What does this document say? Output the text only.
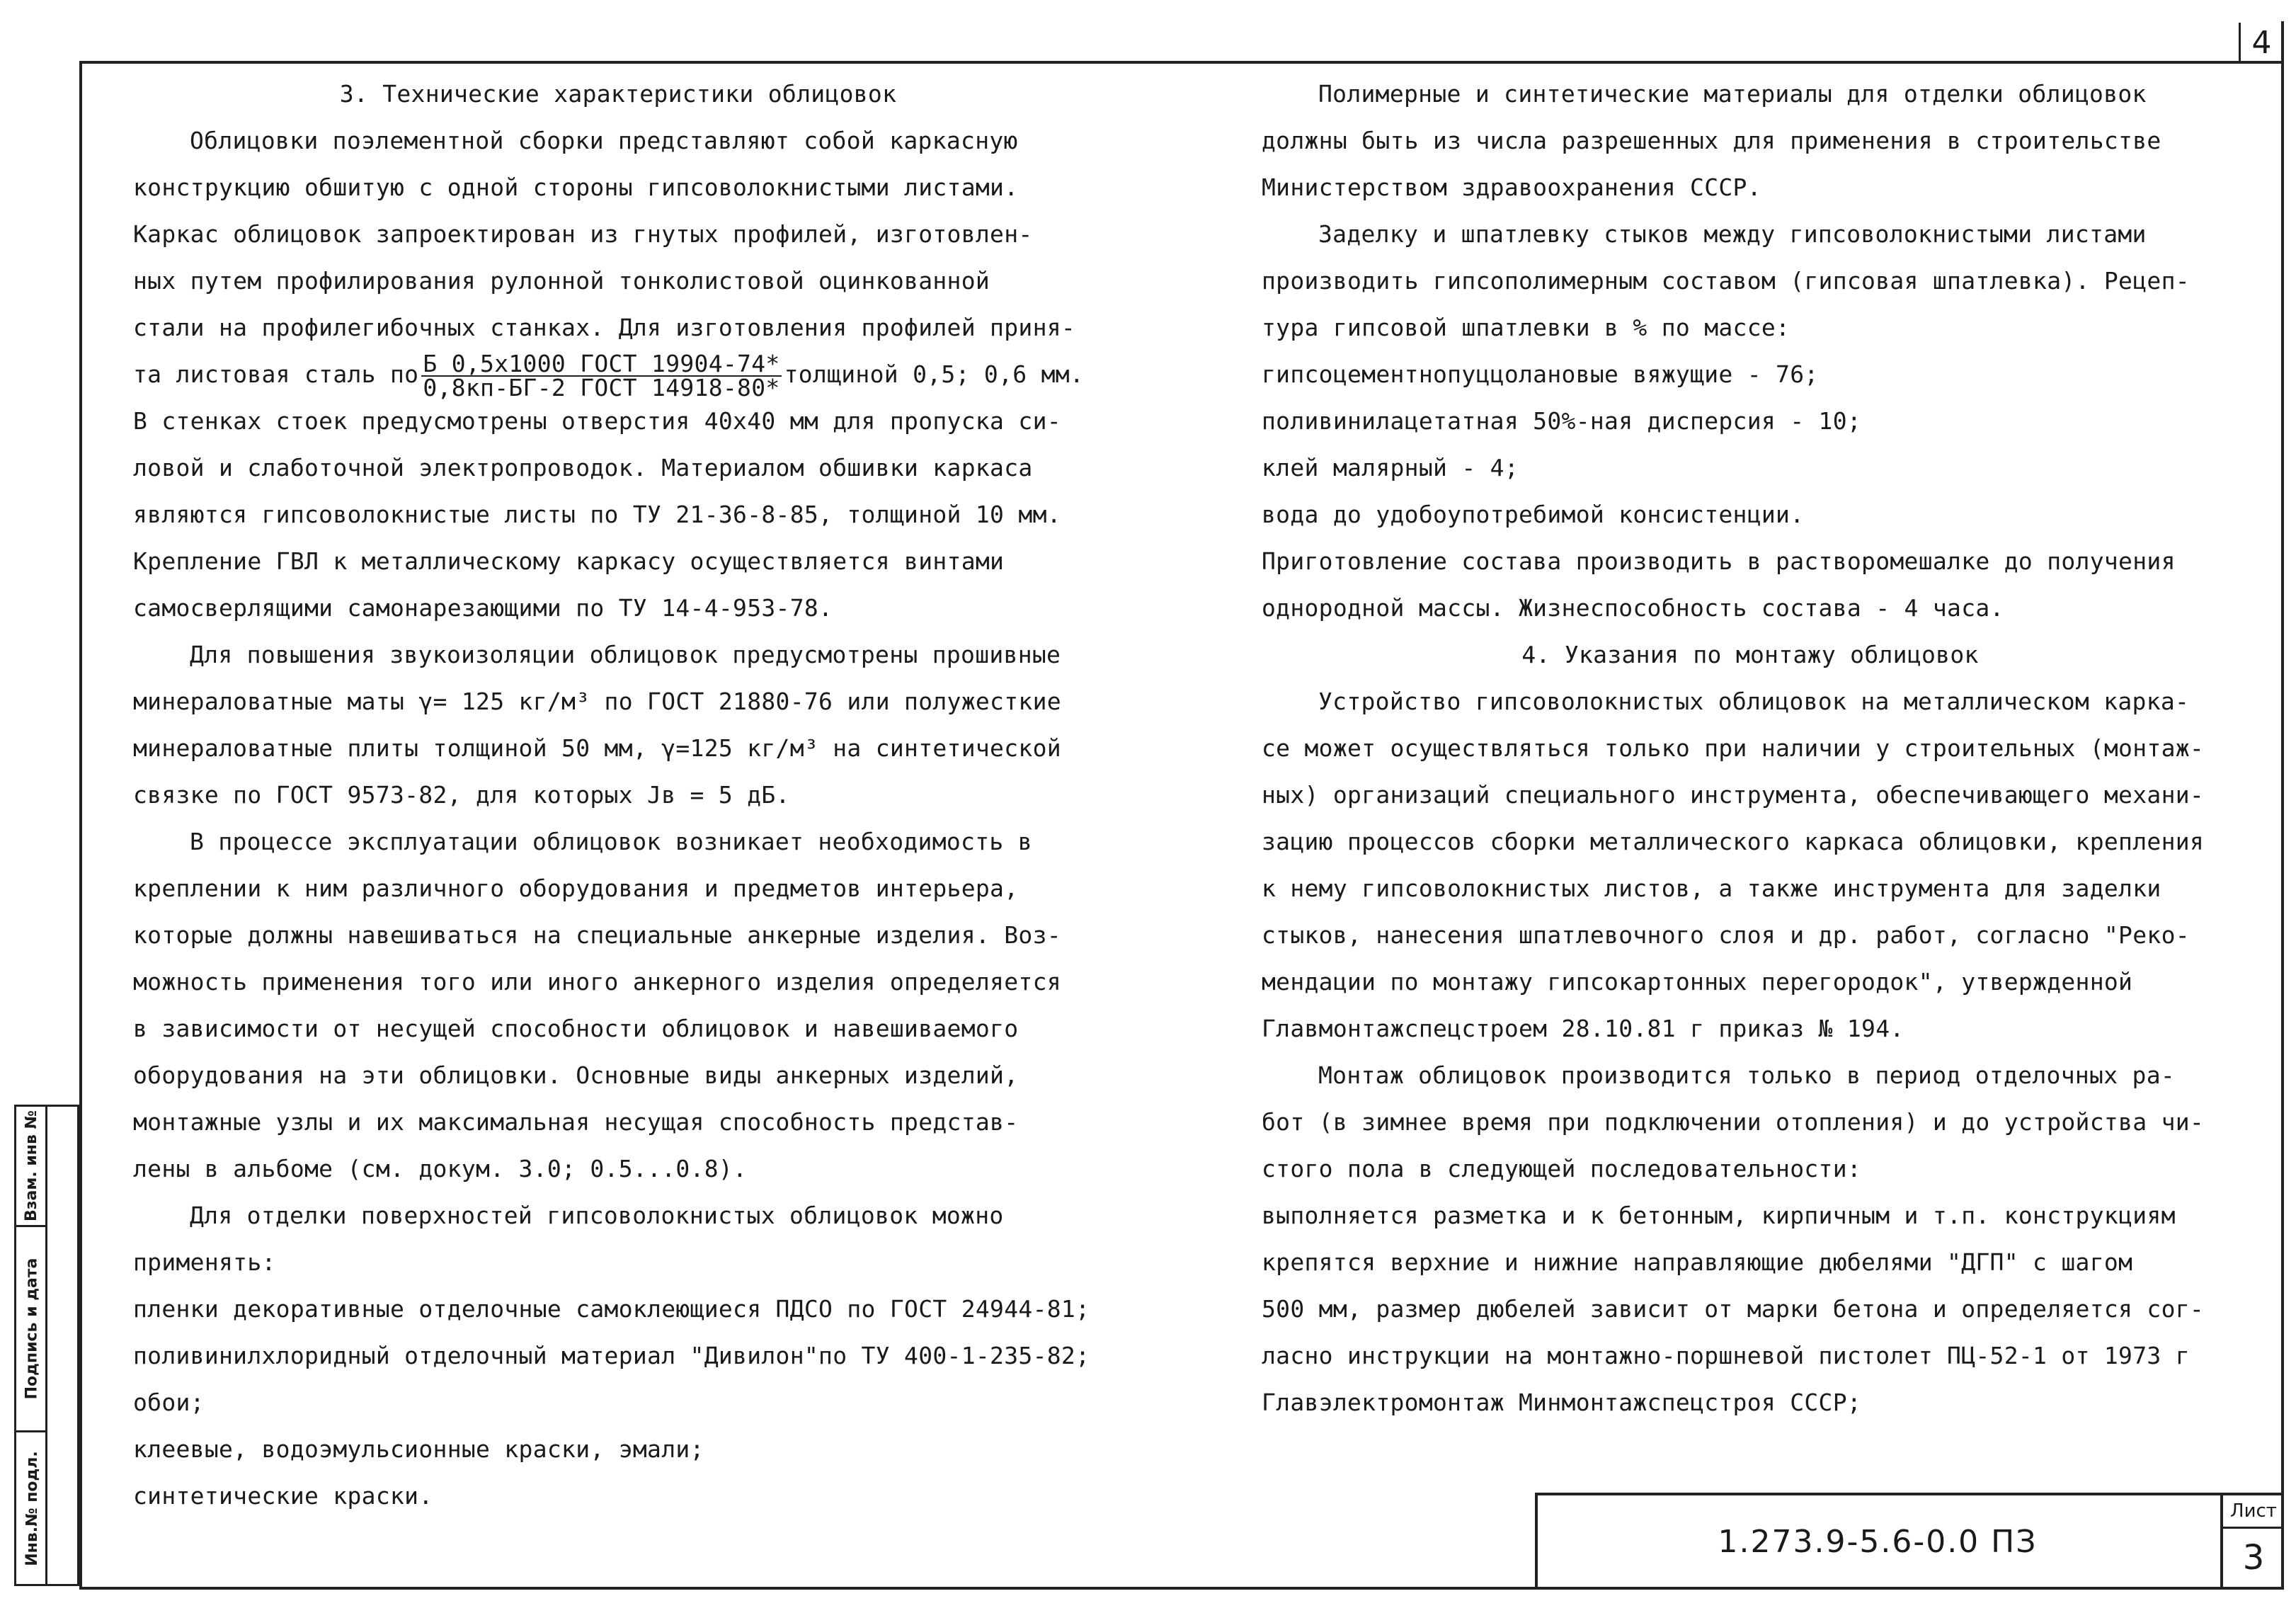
4
3. Технические характеристики облицовок
Облицовки поэлементной сборки представляют собой каркасную
конструкцию обшитую с одной стороны гипсоволокнистыми листами.
Каркас облицовок запроектирован из гнутых профилей, изготовлен-
ных путем профилирования рулонной тонколистовой оцинкованной
стали на профилегибочных станках. Для изготовления профилей приня-
та листовая сталь по $\frac{\text{Б 0,5х1000 ГОСТ 19904-74*}}{\text{0,8кп-БГ-2 ГОСТ 14918-80*}}$ толщиной 0,5; 0,6 мм.
В стенках стоек предусмотрены отверстия 40х40 мм для пропуска си-
ловой и слаботочной электропроводок. Материалом обшивки каркаса
являются гипсоволокнистые листы по ТУ 21-36-8-85, толщиной 10 мм.
Крепление ГВЛ к металлическому каркасу осуществляется винтами
самосверлящими самонарезающими по ТУ 14-4-953-78.
Для повышения звукоизоляции облицовок предусмотрены прошивные
минераловатные маты γ= 125 кг/м³ по ГОСТ 21880-76 или полужесткие
минераловатные плиты толщиной 50 мм, γ=125 кг/м³ на синтетической
связке по ГОСТ 9573-82, для которых Jв = 5 дБ.
В процессе эксплуатации облицовок возникает необходимость в
креплении к ним различного оборудования и предметов интерьера,
которые должны навешиваться на специальные анкерные изделия. Воз-
можность применения того или иного анкерного изделия определяется
в зависимости от несущей способности облицовок и навешиваемого
оборудования на эти облицовки. Основные виды анкерных изделий,
монтажные узлы и их максимальная несущая способность представ-
лены в альбоме (см. докум. 3.0; 0.5...0.8).
Для отделки поверхностей гипсоволокнистых облицовок можно
применять:
пленки декоративные отделочные самоклеющиеся ПДСО по ГОСТ 24944-81;
поливинилхлоридный отделочный материал "Дивилон"по ТУ 400-1-235-82;
обои;
клеевые, водоэмульсионные краски, эмали;
синтетические краски.
Полимерные и синтетические материалы для отделки облицовок
должны быть из числа разрешенных для применения в строительстве
Министерством здравоохранения СССР.
Заделку и шпатлевку стыков между гипсоволокнистыми листами
производить гипсополимерным составом (гипсовая шпатлевка). Рецеп-
тура гипсовой шпатлевки в % по массе:
гипсоцементнопуццолановые вяжущие - 76;
поливинилацетатная 50%-ная дисперсия - 10;
клей малярный - 4;
вода до удобоупотребимой консистенции.
Приготовление состава производить в растворомешалке до получения
однородной массы. Жизнеспособность состава - 4 часа.
4. Указания по монтажу облицовок
Устройство гипсоволокнистых облицовок на металлическом карка-
се может осуществляться только при наличии у строительных (монтаж-
ных) организаций специального инструмента, обеспечивающего механи-
зацию процессов сборки металлического каркаса облицовки, крепления
к нему гипсоволокнистых листов, а также инструмента для заделки
стыков, нанесения шпатлевочного слоя и др. работ, согласно "Реко-
мендации по монтажу гипсокартонных перегородок", утвержденной
Главмонтажспецстроем 28.10.81 г приказ № 194.
Монтаж облицовок производится только в период отделочных ра-
бот (в зимнее время при подключении отопления) и до устройства чи-
стого пола в следующей последовательности:
выполняется разметка и к бетонным, кирпичным и т.п. конструкциям
крепятся верхние и нижние направляющие дюбелями "ДГП" с шагом
500 мм, размер дюбелей зависит от марки бетона и определяется сог-
ласно инструкции на монтажно-поршневой пистолет ПЦ-52-1 от 1973 г
Главэлектромонтаж Минмонтажспецстроя СССР;
1.273.9-5.6-0.0 ПЗ
Лист
3
Взам. инв №
Подпись и дата
Инв.№ подл.
